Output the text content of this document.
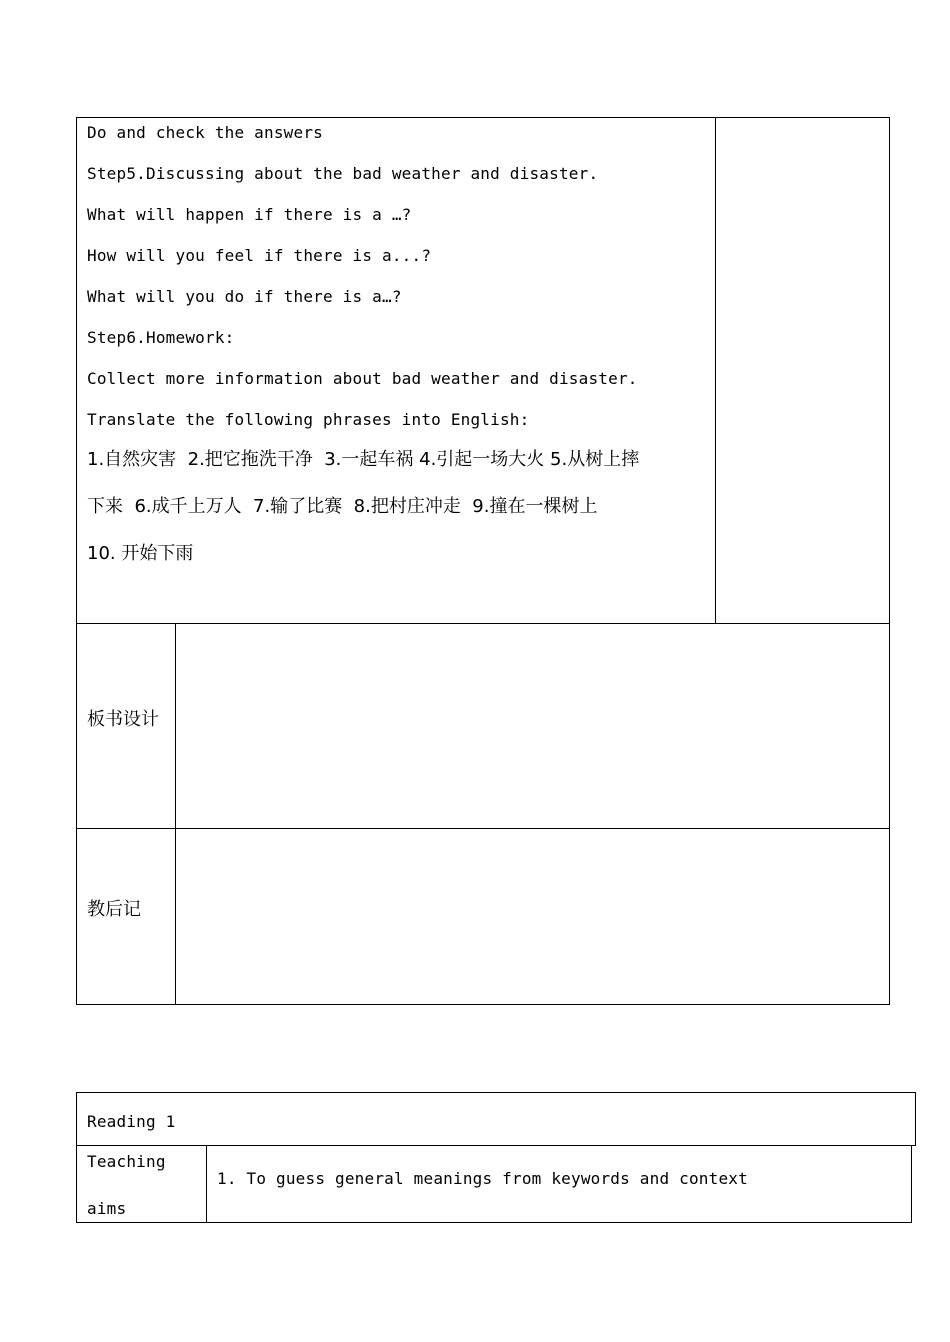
Do and check the answers
Step5.Discussing about the bad weather and disaster.
What will happen if there is a …?
How will you feel if there is a...?
What will you do if there is a…?
Step6.Homework:
Collect more information about bad weather and disaster.
Translate the following phrases into English:
1.自然灾害  2.把它拖洗干净  3.一起车祸 4.引起一场大火 5.从树上摔
下来  6.成千上万人  7.输了比赛  8.把村庄冲走  9.撞在一棵树上
10. 开始下雨
板书设计
教后记
Reading 1
Teaching
aims
1. To guess general meanings from keywords and context
